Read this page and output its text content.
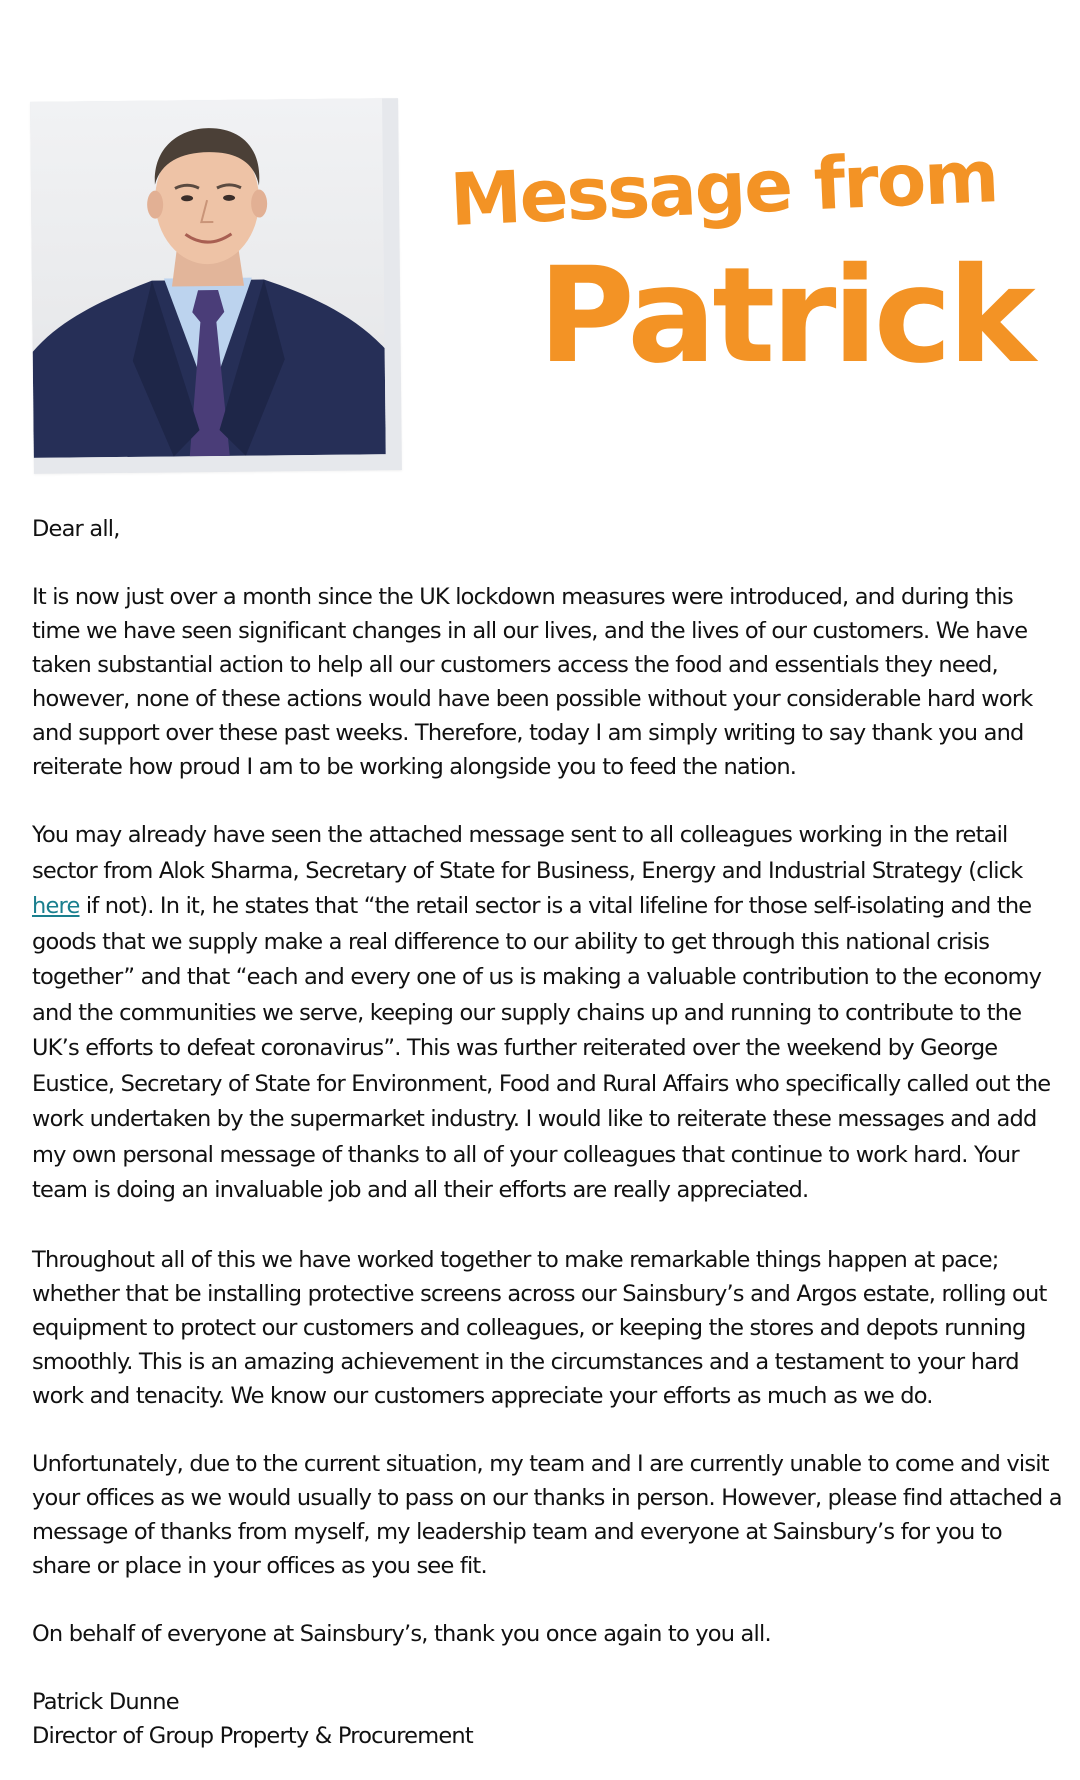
Message from
Patrick

Dear all,

It is now just over a month since the UK lockdown measures were introduced, and during this time we have seen significant changes in all our lives, and the lives of our customers. We have taken substantial action to help all our customers access the food and essentials they need, however, none of these actions would have been possible without your considerable hard work and support over these past weeks. Therefore, today I am simply writing to say thank you and reiterate how proud I am to be working alongside you to feed the nation.

You may already have seen the attached message sent to all colleagues working in the retail sector from Alok Sharma, Secretary of State for Business, Energy and Industrial Strategy (click here if not). In it, he states that “the retail sector is a vital lifeline for those self-isolating and the goods that we supply make a real difference to our ability to get through this national crisis together” and that “each and every one of us is making a valuable contribution to the economy and the communities we serve, keeping our supply chains up and running to contribute to the UK’s efforts to defeat coronavirus”. This was further reiterated over the weekend by George Eustice, Secretary of State for Environment, Food and Rural Affairs who specifically called out the work undertaken by the supermarket industry. I would like to reiterate these messages and add my own personal message of thanks to all of your colleagues that continue to work hard. Your team is doing an invaluable job and all their efforts are really appreciated.

Throughout all of this we have worked together to make remarkable things happen at pace; whether that be installing protective screens across our Sainsbury’s and Argos estate, rolling out equipment to protect our customers and colleagues, or keeping the stores and depots running smoothly. This is an amazing achievement in the circumstances and a testament to your hard work and tenacity. We know our customers appreciate your efforts as much as we do.

Unfortunately, due to the current situation, my team and I are currently unable to come and visit your offices as we would usually to pass on our thanks in person. However, please find attached a message of thanks from myself, my leadership team and everyone at Sainsbury’s for you to share or place in your offices as you see fit.

On behalf of everyone at Sainsbury’s, thank you once again to you all.

Patrick Dunne
Director of Group Property & Procurement
